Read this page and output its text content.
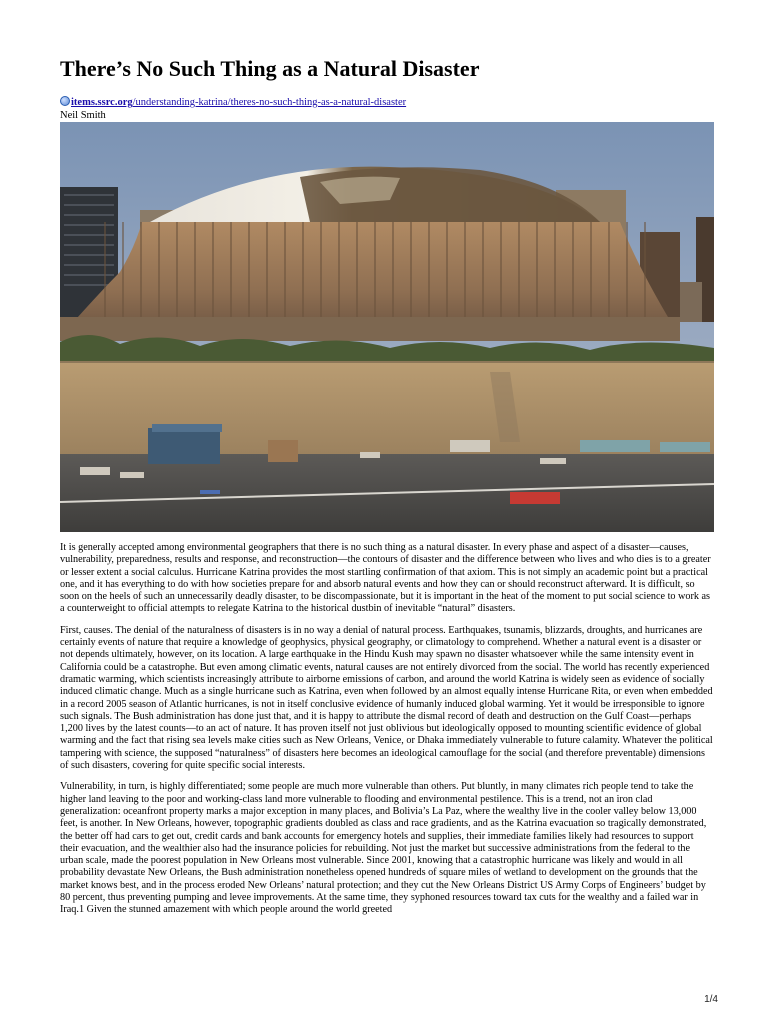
There’s No Such Thing as a Natural Disaster
items.ssrc.org/understanding-katrina/theres-no-such-thing-as-a-natural-disaster
Neil Smith

It is generally accepted among environmental geographers that there is no such thing as a natural disaster. In every phase and aspect of a disaster—causes, vulnerability, preparedness, results and response, and reconstruction—the contours of disaster and the difference between who lives and who dies is to a greater or lesser extent a social calculus. Hurricane Katrina provides the most startling confirmation of that axiom. This is not simply an academic point but a practical one, and it has everything to do with how societies prepare for and absorb natural events and how they can or should reconstruct afterward. It is difficult, so soon on the heels of such an unnecessarily deadly disaster, to be discompassionate, but it is important in the heat of the moment to put social science to work as a counterweight to official attempts to relegate Katrina to the historical dustbin of inevitable “natural” disasters.

First, causes. The denial of the naturalness of disasters is in no way a denial of natural process. Earthquakes, tsunamis, blizzards, droughts, and hurricanes are certainly events of nature that require a knowledge of geophysics, physical geography, or climatology to comprehend. Whether a natural event is a disaster or not depends ultimately, however, on its location. A large earthquake in the Hindu Kush may spawn no disaster whatsoever while the same intensity event in California could be a catastrophe. But even among climatic events, natural causes are not entirely divorced from the social. The world has recently experienced dramatic warming, which scientists increasingly attribute to airborne emissions of carbon, and around the world Katrina is widely seen as evidence of socially induced climatic change. Much as a single hurricane such as Katrina, even when followed by an almost equally intense Hurricane Rita, or even when embedded in a record 2005 season of Atlantic hurricanes, is not in itself conclusive evidence of humanly induced global warming. Yet it would be irresponsible to ignore such signals. The Bush administration has done just that, and it is happy to attribute the dismal record of death and destruction on the Gulf Coast—perhaps 1,200 lives by the latest counts—to an act of nature. It has proven itself not just oblivious but ideologically opposed to mounting scientific evidence of global warming and the fact that rising sea levels make cities such as New Orleans, Venice, or Dhaka immediately vulnerable to future calamity. Whatever the political tampering with science, the supposed “naturalness” of disasters here becomes an ideological camouflage for the social (and therefore preventable) dimensions of such disasters, covering for quite specific social interests.

Vulnerability, in turn, is highly differentiated; some people are much more vulnerable than others. Put bluntly, in many climates rich people tend to take the higher land leaving to the poor and working-class land more vulnerable to flooding and environmental pestilence. This is a trend, not an iron clad generalization: oceanfront property marks a major exception in many places, and Bolivia’s La Paz, where the wealthy live in the cooler valley below 13,000 feet, is another. In New Orleans, however, topographic gradients doubled as class and race gradients, and as the Katrina evacuation so tragically demonstrated, the better off had cars to get out, credit cards and bank accounts for emergency hotels and supplies, their immediate families likely had resources to support their evacuation, and the wealthier also had the insurance policies for rebuilding. Not just the market but successive administrations from the federal to the urban scale, made the poorest population in New Orleans most vulnerable. Since 2001, knowing that a catastrophic hurricane was likely and would in all probability devastate New Orleans, the Bush administration nonetheless opened hundreds of square miles of wetland to development on the grounds that the market knows best, and in the process eroded New Orleans’ natural protection; and they cut the New Orleans District US Army Corps of Engineers’ budget by 80 percent, thus preventing pumping and levee improvements. At the same time, they syphoned resources toward tax cuts for the wealthy and a failed war in Iraq.1 Given the stunned amazement with which people around the world greeted

1/4
